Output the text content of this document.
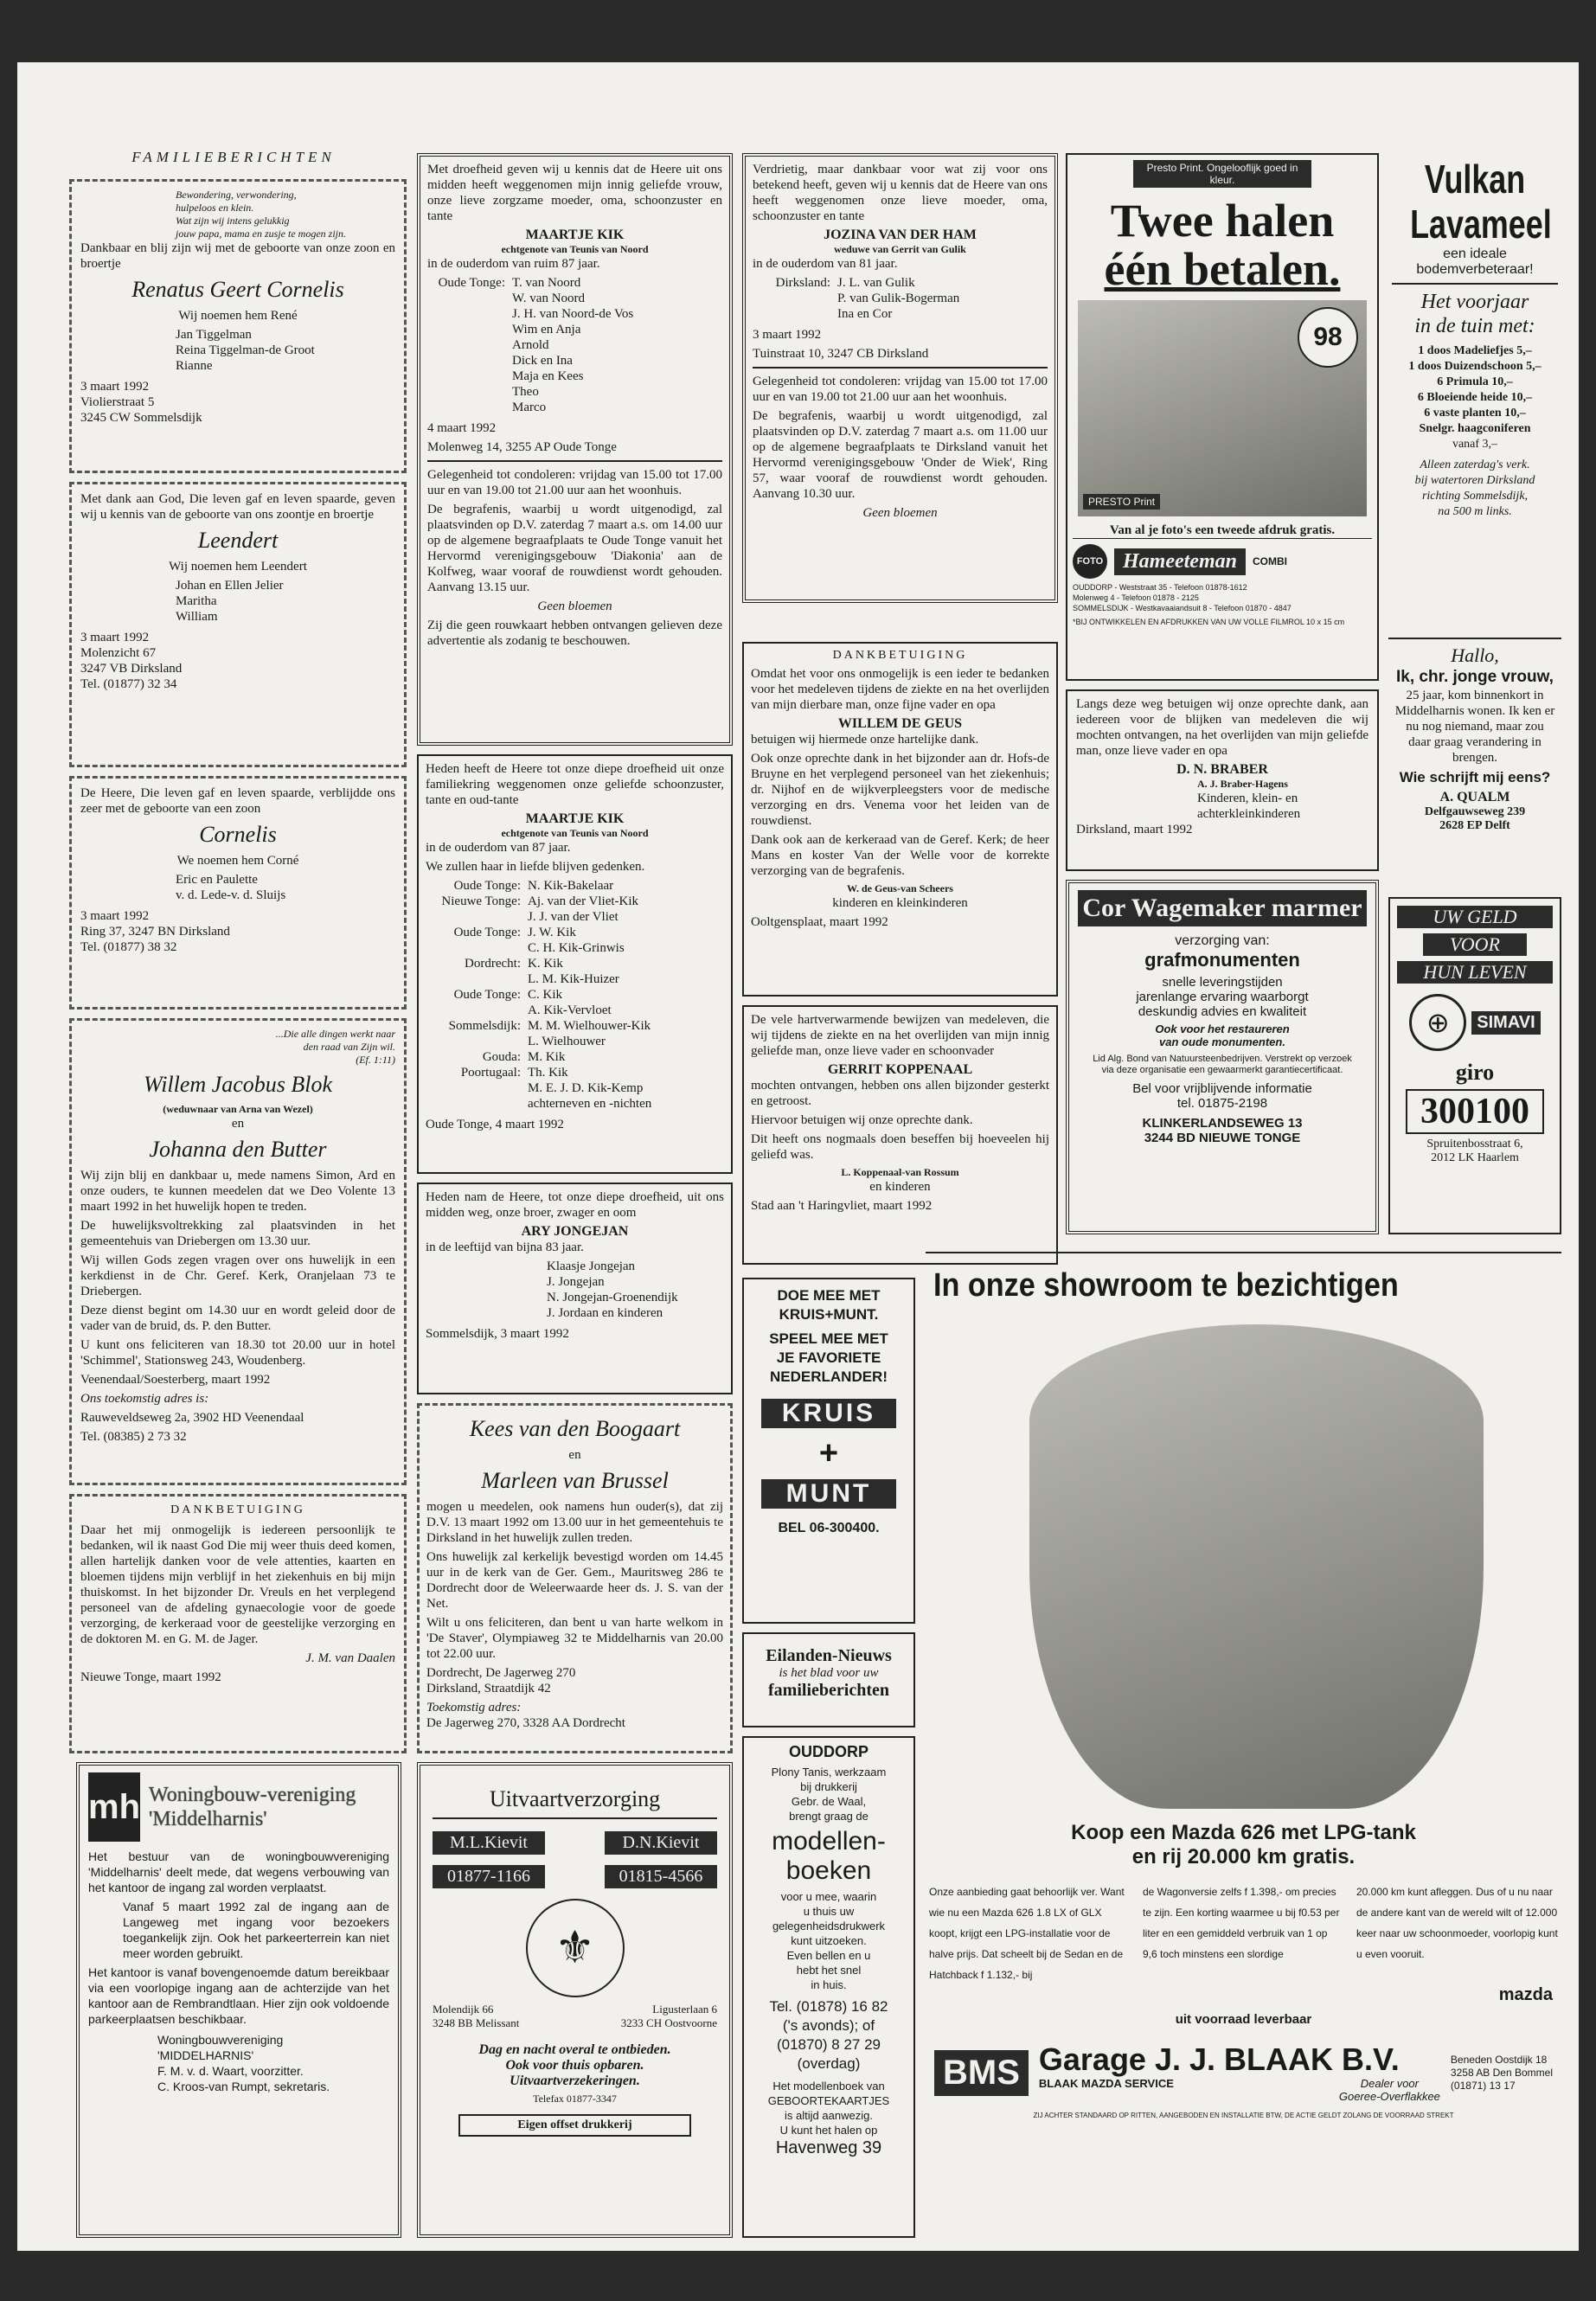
FAMILIEBERICHTEN
Bewondering, verwondering,
hulpeloos en klein.
Wat zijn wij intens gelukkig
jouw papa, mama en zusje te mogen zijn.

Dankbaar en blij zijn wij met de geboorte van onze zoon en broertje

Renatus Geert Cornelis
Wij noemen hem René
Jan Tiggelman
Reina Tiggelman-de Groot
Rianne
3 maart 1992
Violierstraat 5
3245 CW Sommelsdijk

Met dank aan God, Die leven gaf en leven spaarde, geven wij u kennis van de geboorte van ons zoontje en broertje

Leendert
Wij noemen hem Leendert
Johan en Ellen Jelier
Maritha
William
3 maart 1992
Molenzicht 67
3247 VB Dirksland
Tel. (01877) 32 34

De Heere, Die leven gaf en leven spaarde, verblijdde ons zeer met de geboorte van een zoon

Cornelis
We noemen hem Corné
Eric en Paulette
v. d. Lede-v. d. Sluijs
3 maart 1992
Ring 37, 3247 BN Dirksland
Tel. (01877) 38 32
...Die alle dingen werkt naar
den raad van Zijn wil.
(Ef. 1:11)
Willem Jacobus Blok
(weduwnaar van Arna van Wezel)
en
Johanna den Butter

Wij zijn blij en dankbaar u, mede namens Simon, Ard en onze ouders, te kunnen meedelen dat we Deo Volente 13 maart 1992 in het huwelijk hopen te treden.

De huwelijksvoltrekking zal plaatsvinden in het gemeentehuis van Driebergen om 13.30 uur.

Wij willen Gods zegen vragen over ons huwelijk in een kerkdienst in de Chr. Geref. Kerk, Oranjelaan 73 te Driebergen.

Deze dienst begint om 14.30 uur en wordt geleid door de vader van de bruid, ds. P. den Butter.

U kunt ons feliciteren van 18.30 tot 20.00 uur in hotel 'Schimmel', Stationsweg 243, Woudenberg.

Veenendaal/Soesterberg, maart 1992

Ons toekomstig adres is:
Rauweveldseweg 2a, 3902 HD Veenendaal
Tel. (08385) 2 73 32
DANKBETUIGING

Daar het mij onmogelijk is iedereen persoonlijk te bedanken, wil ik naast God Die mij weer thuis deed komen, allen hartelijk danken voor de vele attenties, kaarten en bloemen tijdens mijn verblijf in het ziekenhuis en bij mijn thuiskomst. In het bijzonder Dr. Vreuls en het verplegend personeel van de afdeling gynaecologie voor de goede verzorging, de kerkeraad voor de geestelijke verzorging en de doktoren M. en G. M. de Jager.

J. M. van Daalen
Nieuwe Tonge, maart 1992
mh Woningbouw-vereniging 'Middelharnis'

Het bestuur van de woningbouwvereniging 'Middelharnis' deelt mede, dat wegens verbouwing van het kantoor de ingang zal worden verplaatst.

Vanaf 5 maart 1992 zal de ingang aan de Langeweg met ingang voor bezoekers toegankelijk zijn. Ook het parkeerterrein kan niet meer worden gebruikt.

Het kantoor is vanaf bovengenoemde datum bereikbaar via een voorlopige ingang aan de achterzijde van het kantoor aan de Rembrandtlaan. Hier zijn ook voldoende parkeerplaatsen beschikbaar.

Woningbouwvereniging
'MIDDELHARNIS'
F. M. v. d. Waart, voorzitter.
C. Kroos-van Rumpt, sekretaris.

Met droefheid geven wij u kennis dat de Heere uit ons midden heeft weggenomen mijn innig geliefde vrouw, onze lieve zorgzame moeder, oma, schoonzuster en tante

MAARTJE KIK
echtgenote van Teunis van Noord
in de ouderdom van ruim 87 jaar.
Oude Tonge: T. van Noord
W. van Noord
J. H. van Noord-de Vos
Wim en Anja
Arnold
Dick en Ina
Maja en Kees
Theo
Marco
4 maart 1992
Molenweg 14, 3255 AP Oude Tonge

Gelegenheid tot condoleren: vrijdag van 15.00 tot 17.00 uur en van 19.00 tot 21.00 uur aan het woonhuis.

De begrafenis, waarbij u wordt uitgenodigd, zal plaatsvinden op D.V. zaterdag 7 maart a.s. om 14.00 uur op de algemene begraafplaats te Oude Tonge vanuit het Hervormd verenigingsgebouw 'Diakonia' aan de Kolfweg, waar vooraf de rouwdienst wordt gehouden. Aanvang 13.15 uur.

Geen bloemen

Zij die geen rouwkaart hebben ontvangen gelieven deze advertentie als zodanig te beschouwen.

Heden heeft de Heere tot onze diepe droefheid uit onze familiekring weggenomen onze geliefde schoonzuster, tante en oud-tante

MAARTJE KIK
echtgenote van Teunis van Noord
in de ouderdom van 87 jaar.
We zullen haar in liefde blijven gedenken.
Oude Tonge: N. Kik-Bakelaar
Nieuwe Tonge: Aj. van der Vliet-Kik
J. J. van der Vliet
Oude Tonge: J. W. Kik
C. H. Kik-Grinwis
Dordrecht: K. Kik
L. M. Kik-Huizer
Oude Tonge: C. Kik
A. Kik-Vervloet
Sommelsdijk: M. M. Wielhouwer-Kik
L. Wielhouwer
Gouda: M. Kik
Poortugaal: Th. Kik
M. E. J. D. Kik-Kemp
achterneven en -nichten
Oude Tonge, 4 maart 1992

Heden nam de Heere, tot onze diepe droefheid, uit ons midden weg, onze broer, zwager en oom

ARY JONGEJAN
in de leeftijd van bijna 83 jaar.
Klaasje Jongejan
J. Jongejan
N. Jongejan-Groenendijk
J. Jordaan en kinderen
Sommelsdijk, 3 maart 1992
Kees van den Boogaart
en
Marleen van Brussel

mogen u meedelen, ook namens hun ouder(s), dat zij D.V. 13 maart 1992 om 13.00 uur in het gemeentehuis te Dirksland in het huwelijk zullen treden.

Ons huwelijk zal kerkelijk bevestigd worden om 14.45 uur in de kerk van de Ger. Gem., Mauritsweg 286 te Dordrecht door de Weleerwaarde heer ds. J. S. van der Net.

Wilt u ons feliciteren, dan bent u van harte welkom in 'De Staver', Olympiaweg 32 te Middelharnis van 20.00 tot 22.00 uur.

Dordrecht, De Jagerweg 270
Dirksland, Straatdijk 42
Toekomstig adres:
De Jagerweg 270, 3328 AA Dordrecht
Uitvaartverzorging
M.L.Kievit	D.N.Kievit
01877-1166	01815-4566
⚜
Molendijk 66
3248 BB Melissant
Ligusterlaan 6
3233 CH Oostvoorne
Dag en nacht overal te ontbieden.
Ook voor thuis opbaren.
Uitvaartverzekeringen.
Telefax 01877-3347
Eigen offset drukkerij

Verdrietig, maar dankbaar voor wat zij voor ons betekend heeft, geven wij u kennis dat de Heere van ons heeft weggenomen onze lieve moeder, oma, schoonzuster en tante

JOZINA VAN DER HAM
weduwe van Gerrit van Gulik
in de ouderdom van 81 jaar.
Dirksland: J. L. van Gulik
P. van Gulik-Bogerman
Ina en Cor
3 maart 1992
Tuinstraat 10, 3247 CB Dirksland

Gelegenheid tot condoleren: vrijdag van 15.00 tot 17.00 uur en van 19.00 tot 21.00 uur aan het woonhuis.

De begrafenis, waarbij u wordt uitgenodigd, zal plaatsvinden op D.V. zaterdag 7 maart a.s. om 11.00 uur op de algemene begraafplaats te Dirksland vanuit het Hervormd verenigingsgebouw 'Onder de Wiek', Ring 57, waar vooraf de rouwdienst wordt gehouden. Aanvang 10.30 uur.

Geen bloemen
DANKBETUIGING

Omdat het voor ons onmogelijk is een ieder te bedanken voor het medeleven tijdens de ziekte en na het overlijden van mijn dierbare man, onze fijne vader en opa

WILLEM DE GEUS

betuigen wij hiermede onze hartelijke dank.

Ook onze oprechte dank in het bijzonder aan dr. Hofs-de Bruyne en het verplegend personeel van het ziekenhuis; dr. Nijhof en de wijkverpleegsters voor de medische verzorging en drs. Venema voor het leiden van de rouwdienst.

Dank ook aan de kerkeraad van de Geref. Kerk; de heer Mans en koster Van der Welle voor de korrekte verzorging van de begrafenis.

W. de Geus-van Scheers
kinderen en kleinkinderen
Ooltgensplaat, maart 1992

De vele hartverwarmende bewijzen van medeleven, die wij tijdens de ziekte en na het overlijden van mijn innig geliefde man, onze lieve vader en schoonvader

GERRIT KOPPENAAL

mochten ontvangen, hebben ons allen bijzonder gesterkt en getroost.

Hiervoor betuigen wij onze oprechte dank.

Dit heeft ons nogmaals doen beseffen bij hoeveelen hij geliefd was.

L. Koppenaal-van Rossum
en kinderen
Stad aan 't Haringvliet, maart 1992
DOE MEE MET
KRUIS+MUNT.
SPEEL MEE MET
JE FAVORIETE
NEDERLANDER!
KRUIS
+
MUNT
BEL 06-300400.
Eilanden-Nieuws
is het blad voor uw
familieberichten
OUDDORP
Plony Tanis, werkzaam
bij drukkerij
Gebr. de Waal,
brengt graag de
modellen-
boeken
voor u mee, waarin
u thuis uw
gelegenheidsdrukwerk
kunt uitzoeken.
Even bellen en u
hebt het snel
in huis.
Tel. (01878) 16 82
('s avonds); of
(01870) 8 27 29
(overdag)
Het modellenboek van
GEBOORTEKAARTJES
is altijd aanwezig.
U kunt het halen op
Havenweg 39
Presto Print. Ongelooflijk goed in kleur.
Twee halen
één betalen.
98
PRESTO Print
Van al je foto's een tweede afdruk gratis.
FOTO Hameeteman	COMBI
OUDDORP - Weststraat 35 - Telefoon 01878-1612
Molenweg 4 - Telefoon 01878 - 2125
SOMMELSDIJK - Westkavaaiandsuit 8 - Telefoon 01870 - 4847
*BIJ ONTWIKKELEN EN AFDRUKKEN VAN UW VOLLE FILMROL 10 x 15 cm

Langs deze weg betuigen wij onze oprechte dank, aan iedereen voor de blijken van medeleven die wij mochten ontvangen, na het overlijden van mijn geliefde man, onze lieve vader en opa

D. N. BRABER
A. J. Braber-Hagens
Kinderen, klein- en
achterkleinkinderen
Dirksland, maart 1992
Cor Wagemaker marmer
verzorging van:
grafmonumenten
snelle leveringstijden
jarenlange ervaring waarborgt
deskundig advies en kwaliteit
Ook voor het restaureren
van oude monumenten.
Lid Alg. Bond van Natuursteenbedrijven. Verstrekt op verzoek via deze organisatie een gewaarmerkt garantiecertificaat.
Bel voor vrijblijvende informatie
tel. 01875-2198
KLINKERLANDSEWEG 13
3244 BD NIEUWE TONGE
Vulkan
Lavameel
een ideale
bodemverbeteraar!
Het voorjaar
in de tuin met:
1 doos Madeliefjes 5,–
1 doos Duizendschoon 5,–
6 Primula 10,–
6 Bloeiende heide 10,–
6 vaste planten 10,–
Snelgr. haagconiferen
vanaf 3,–
Alleen zaterdag's verk.
bij watertoren Dirksland
richting Sommelsdijk,
na 500 m links.
Hallo,
Ik, chr. jonge vrouw,
25 jaar, kom binnenkort in Middelharnis wonen. Ik ken er nu nog niemand, maar zou daar graag verandering in brengen.
Wie schrijft mij eens?
A. QUALM
Delfgauwseweg 239
2628 EP Delft
UW GELD
VOOR
HUN LEVEN
⊕	SIMAVI
giro
300100
Spruitenbosstraat 6,
2012 LK Haarlem
In onze showroom te bezichtigen
Koop een Mazda 626 met LPG-tank
en rij 20.000 km gratis.
Onze aanbieding gaat behoorlijk ver. Want wie nu een Mazda 626 1.8 LX of GLX koopt, krijgt een LPG-installatie voor de halve prijs. Dat scheelt bij de Sedan en de Hatchback f 1.132,- bij
de Wagonversie zelfs f 1.398,- om precies te zijn. Een korting waarmee u bij f0.53 per liter en een gemiddeld verbruik van 1 op 9,6 toch minstens een slordige
20.000 km kunt afleggen. Dus of u nu naar de andere kant van de wereld wilt of 12.000 keer naar uw schoonmoeder, voorlopig kunt u even vooruit.
mazda
uit voorraad leverbaar
BMS Garage J. J. BLAAK B.V.
BLAAK MAZDA SERVICE	Dealer voor
Goeree-Overflakkee
Beneden Oostdijk 18
3258 AB Den Bommel
(01871) 13 17
ZIJ ACHTER STANDAARD OP RITTEN, AANGEBODEN EN INSTALLATIE BTW, DE ACTIE GELDT ZOLANG DE VOORRAAD STREKT
